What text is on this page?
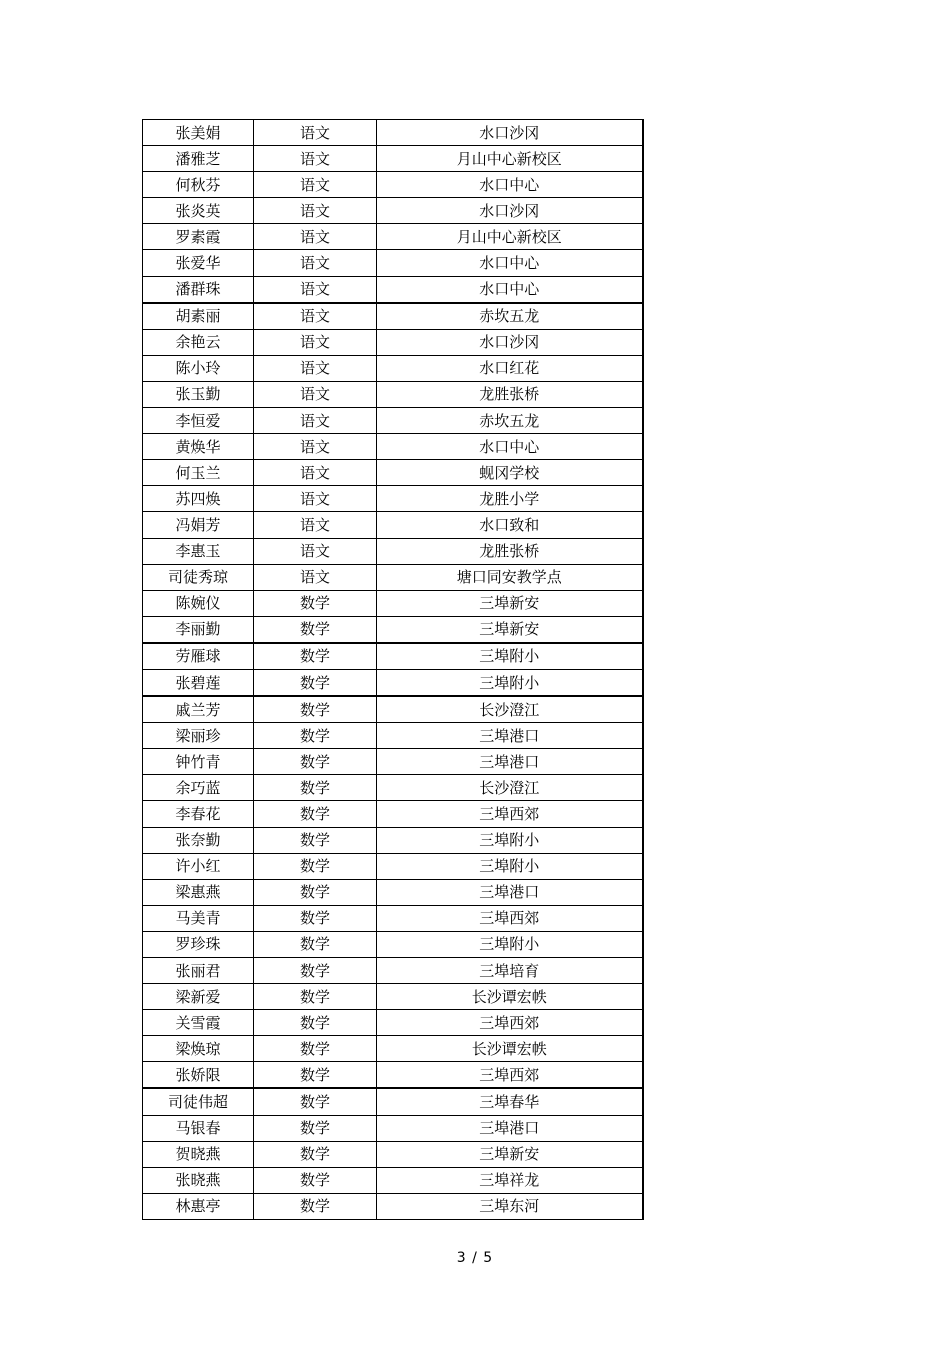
张美娟	语文	水口沙冈
潘雅芝	语文	月山中心新校区
何秋芬	语文	水口中心
张炎英	语文	水口沙冈
罗素霞	语文	月山中心新校区
张爱华	语文	水口中心
潘群珠	语文	水口中心
胡素丽	语文	赤坎五龙
余艳云	语文	水口沙冈
陈小玲	语文	水口红花
张玉勤	语文	龙胜张桥
李恒爱	语文	赤坎五龙
黄焕华	语文	水口中心
何玉兰	语文	蚬冈学校
苏四焕	语文	龙胜小学
冯娟芳	语文	水口致和
李惠玉	语文	龙胜张桥
司徒秀琼	语文	塘口同安教学点
陈婉仪	数学	三埠新安
李丽勤	数学	三埠新安
劳雁球	数学	三埠附小
张碧莲	数学	三埠附小
戚兰芳	数学	长沙澄江
梁丽珍	数学	三埠港口
钟竹青	数学	三埠港口
余巧蓝	数学	长沙澄江
李春花	数学	三埠西郊
张奈勤	数学	三埠附小
许小红	数学	三埠附小
梁惠燕	数学	三埠港口
马美青	数学	三埠西郊
罗珍珠	数学	三埠附小
张丽君	数学	三埠培育
梁新爱	数学	长沙谭宏帙
关雪霞	数学	三埠西郊
梁焕琼	数学	长沙谭宏帙
张娇限	数学	三埠西郊
司徒伟超	数学	三埠春华
马银春	数学	三埠港口
贺晓燕	数学	三埠新安
张晓燕	数学	三埠祥龙
林惠亭	数学	三埠东河
3 / 5
